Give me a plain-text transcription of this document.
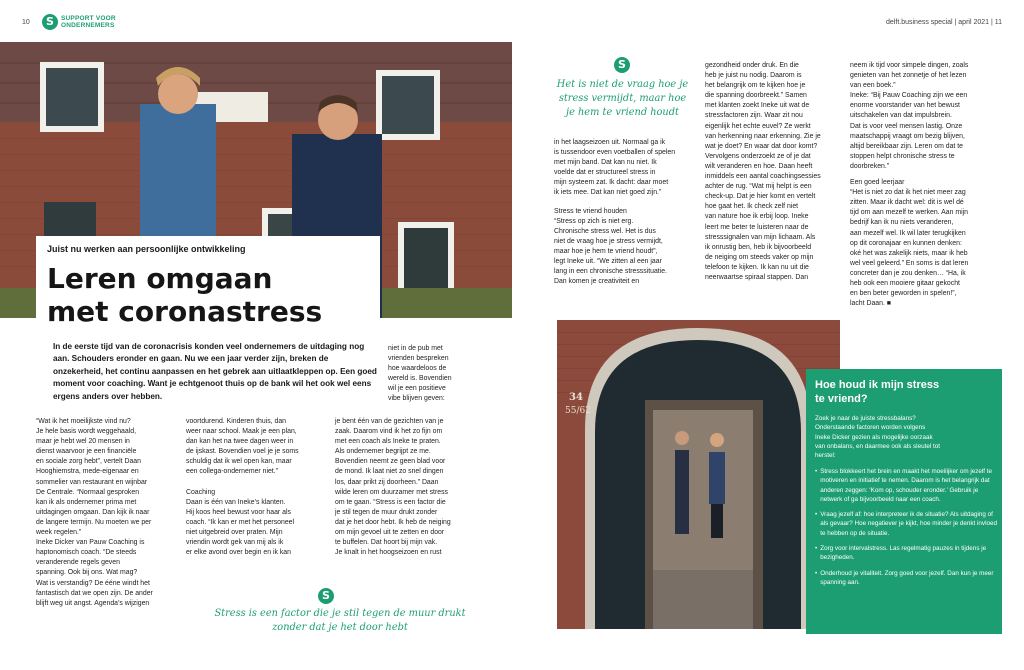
10	S	SUPPORT VOOR
ONDERNEMERS	delft.business special | april 2021 | 11
Juist nu werken aan persoonlijke ontwikkeling
Leren omgaan
met coronastress
In de eerste tijd van de coronacrisis konden veel ondernemers de uitdaging nog aan. Schouders eronder en gaan. Nu we een jaar verder zijn, breken de onzekerheid, het continu aanpassen en het gebrek aan uitlaatkleppen op. Een goed moment voor coaching. Want je echtgenoot thuis op de bank wil het ook wel eens ergens anders over hebben.
niet in de pub met
vrienden bespreken
hoe waardeloos de
wereld is. Bovendien
wil je een positieve
vibe blijven geven:
“Wat ik het moeilijkste vind nu?
Je hele basis wordt weggehaald,
maar je hebt wel 20 mensen in
dienst waarvoor je een financiële
en sociale zorg hebt”, vertelt Daan
Hooghiemstra, mede-eigenaar en
sommelier van restaurant en wijnbar
De Centrale. “Normaal gesproken
kan ik als ondernemer prima met
uitdagingen omgaan. Dan kijk ik naar
de langere termijn. Nu moeten we per
week regelen.”
Ineke Dicker van Pauw Coaching is
haptonomisch coach. “De steeds
veranderende regels geven
spanning. Ook bij ons. Wat mag?
Wat is verstandig? De ééne windt het
fantastisch dat we open zijn. De ander
blijft weg uit angst. Agenda’s wijzigen
voortdurend. Kinderen thuis, dan
weer naar school. Maak je een plan,
dan kan het na twee dagen weer in
de ijskast. Bovendien voel je je soms
schuldig dat ik wel open kan, maar
een collega-ondernemer niet.”
Coaching
Daan is één van Ineke’s klanten.
Hij koos heel bewust voor haar als
coach. “Ik kan er met het personeel
niet uitgebreid over praten. Mijn
vriendin wordt gek van mij als ik
er elke avond over begin en ik kan
je bent één van de gezichten van je
zaak. Daarom vind ik het zo fijn om
met een coach als Ineke te praten.
Als ondernemer begrijpt ze me.
Bovendien neemt ze geen blad voor
de mond. Ik laat niet zo snel dingen
los, daar prikt zij doorheen.” Daan
wilde leren om duurzamer met stress
om te gaan. “Stress is een factor die
je stil tegen de muur drukt zonder
dat je het door hebt. Ik heb de neiging
om mijn gevoel uit te zetten en door
te buffelen. Dat hoort bij mijn vak.
Je knalt in het hoogseizoen en rust
S
Stress is een factor die je stil tegen de muur drukt zonder dat je het door hebt
S
Het is niet de vraag hoe je stress vermijdt, maar hoe je hem te vriend houdt
in het laagseizoen uit. Normaal ga ik
is tussendoor even voetballen of spelen
met mijn band. Dat kan nu niet. Ik
voelde dat er structureel stress in
mijn systeem zat. Ik dacht: daar moet
ik iets mee. Dat kan niet goed zijn.”
Stress te vriend houden
“Stress op zich is niet erg.
Chronische stress wel. Het is dus
niet de vraag hoe je stress vermijdt,
maar hoe je hem te vriend houdt”,
legt Ineke uit. “We zitten al een jaar
lang in een chronische stresssituatie.
Dan komen je creativiteit en
gezondheid onder druk. En die
heb je juist nu nodig. Daarom is
het belangrijk om te kijken hoe je
die spanning doorbreekt.” Samen
met klanten zoekt Ineke uit wat de
stressfactoren zijn. Waar zit nou
eigenlijk het echte euvel? Ze werkt
van herkenning naar erkenning. Zie je
wat je doet? En waar dat door komt?
Vervolgens onderzoekt ze of je dat
wilt veranderen en hoe. Daan heeft
inmiddels een aantal coachingsessies
achter de rug. “Wat mij helpt is een
check-up. Dat je hier komt en vertelt
hoe gaat het. Ik check zelf niet
van nature hoe ik erbij loop. Ineke
leert me beter te luisteren naar de
stresssignalen van mijn lichaam. Als
ik onrustig ben, heb ik bijvoorbeeld
de neiging om steeds vaker op mijn
telefoon te kijken. Ik kan nu uit die
neerwaartse spiraal stappen. Dan
neem ik tijd voor simpele dingen, zoals
genieten van het zonnetje of het lezen
van een boek.”
Ineke: “Bij Pauw Coaching zijn we een
enorme voorstander van het bewust
uitschakelen van dat impulsbrein.
Dat is voor veel mensen lastig. Onze
maatschappij vraagt om bezig blijven,
altijd bereikbaar zijn. Leren om dat te
stoppen helpt chronische stress te
doorbreken.”
Een goed leerjaar
“Het is niet zo dat ik het niet meer zag
zitten. Maar ik dacht wel: dit is wel dé
tijd om aan mezelf te werken. Aan mijn
bedrijf kan ik nu niets veranderen,
aan mezelf wel. Ik wil later terugkijken
op dit coronajaar en kunnen denken:
oké het was zakelijk niets, maar ik heb
wel veel geleerd.” En soms is dat leren
concreter dan je zou denken… “Ha, ik
heb ook een mooiere gitaar gekocht
en ben beter geworden in spelen!”,
lacht Daan. ■
34
55/62
Hoe houd ik mijn stress
te vriend?
Zoek je naar de juiste stressbalans?
Onderstaande factoren worden volgens
Ineke Dicker gezien als mogelijke oorzaak
van onbalans, en daarmee ook als sleutel tot
herstel:
• Stress blokkeert het brein en maakt het moeilijker om jezelf te motiveren en initiatief te nemen. Daarom is het belangrijk dat anderen zeggen: ‘Kom op, schouder eronder.’ Gebruik je netwerk of ga bijvoorbeeld naar een coach.
• Vraag jezelf af: hoe interpreteer ik de situatie? Als uitdaging of als gevaar? Hoe negatiever je kijkt, hoe minder je denkt invloed te hebben op de situatie.
• Zorg voor intervalstress. Las regelmatig pauzes in tijdens je bezigheden.
• Onderhoud je vitaliteit. Zorg goed voor jezelf. Dan kun je meer spanning aan.
